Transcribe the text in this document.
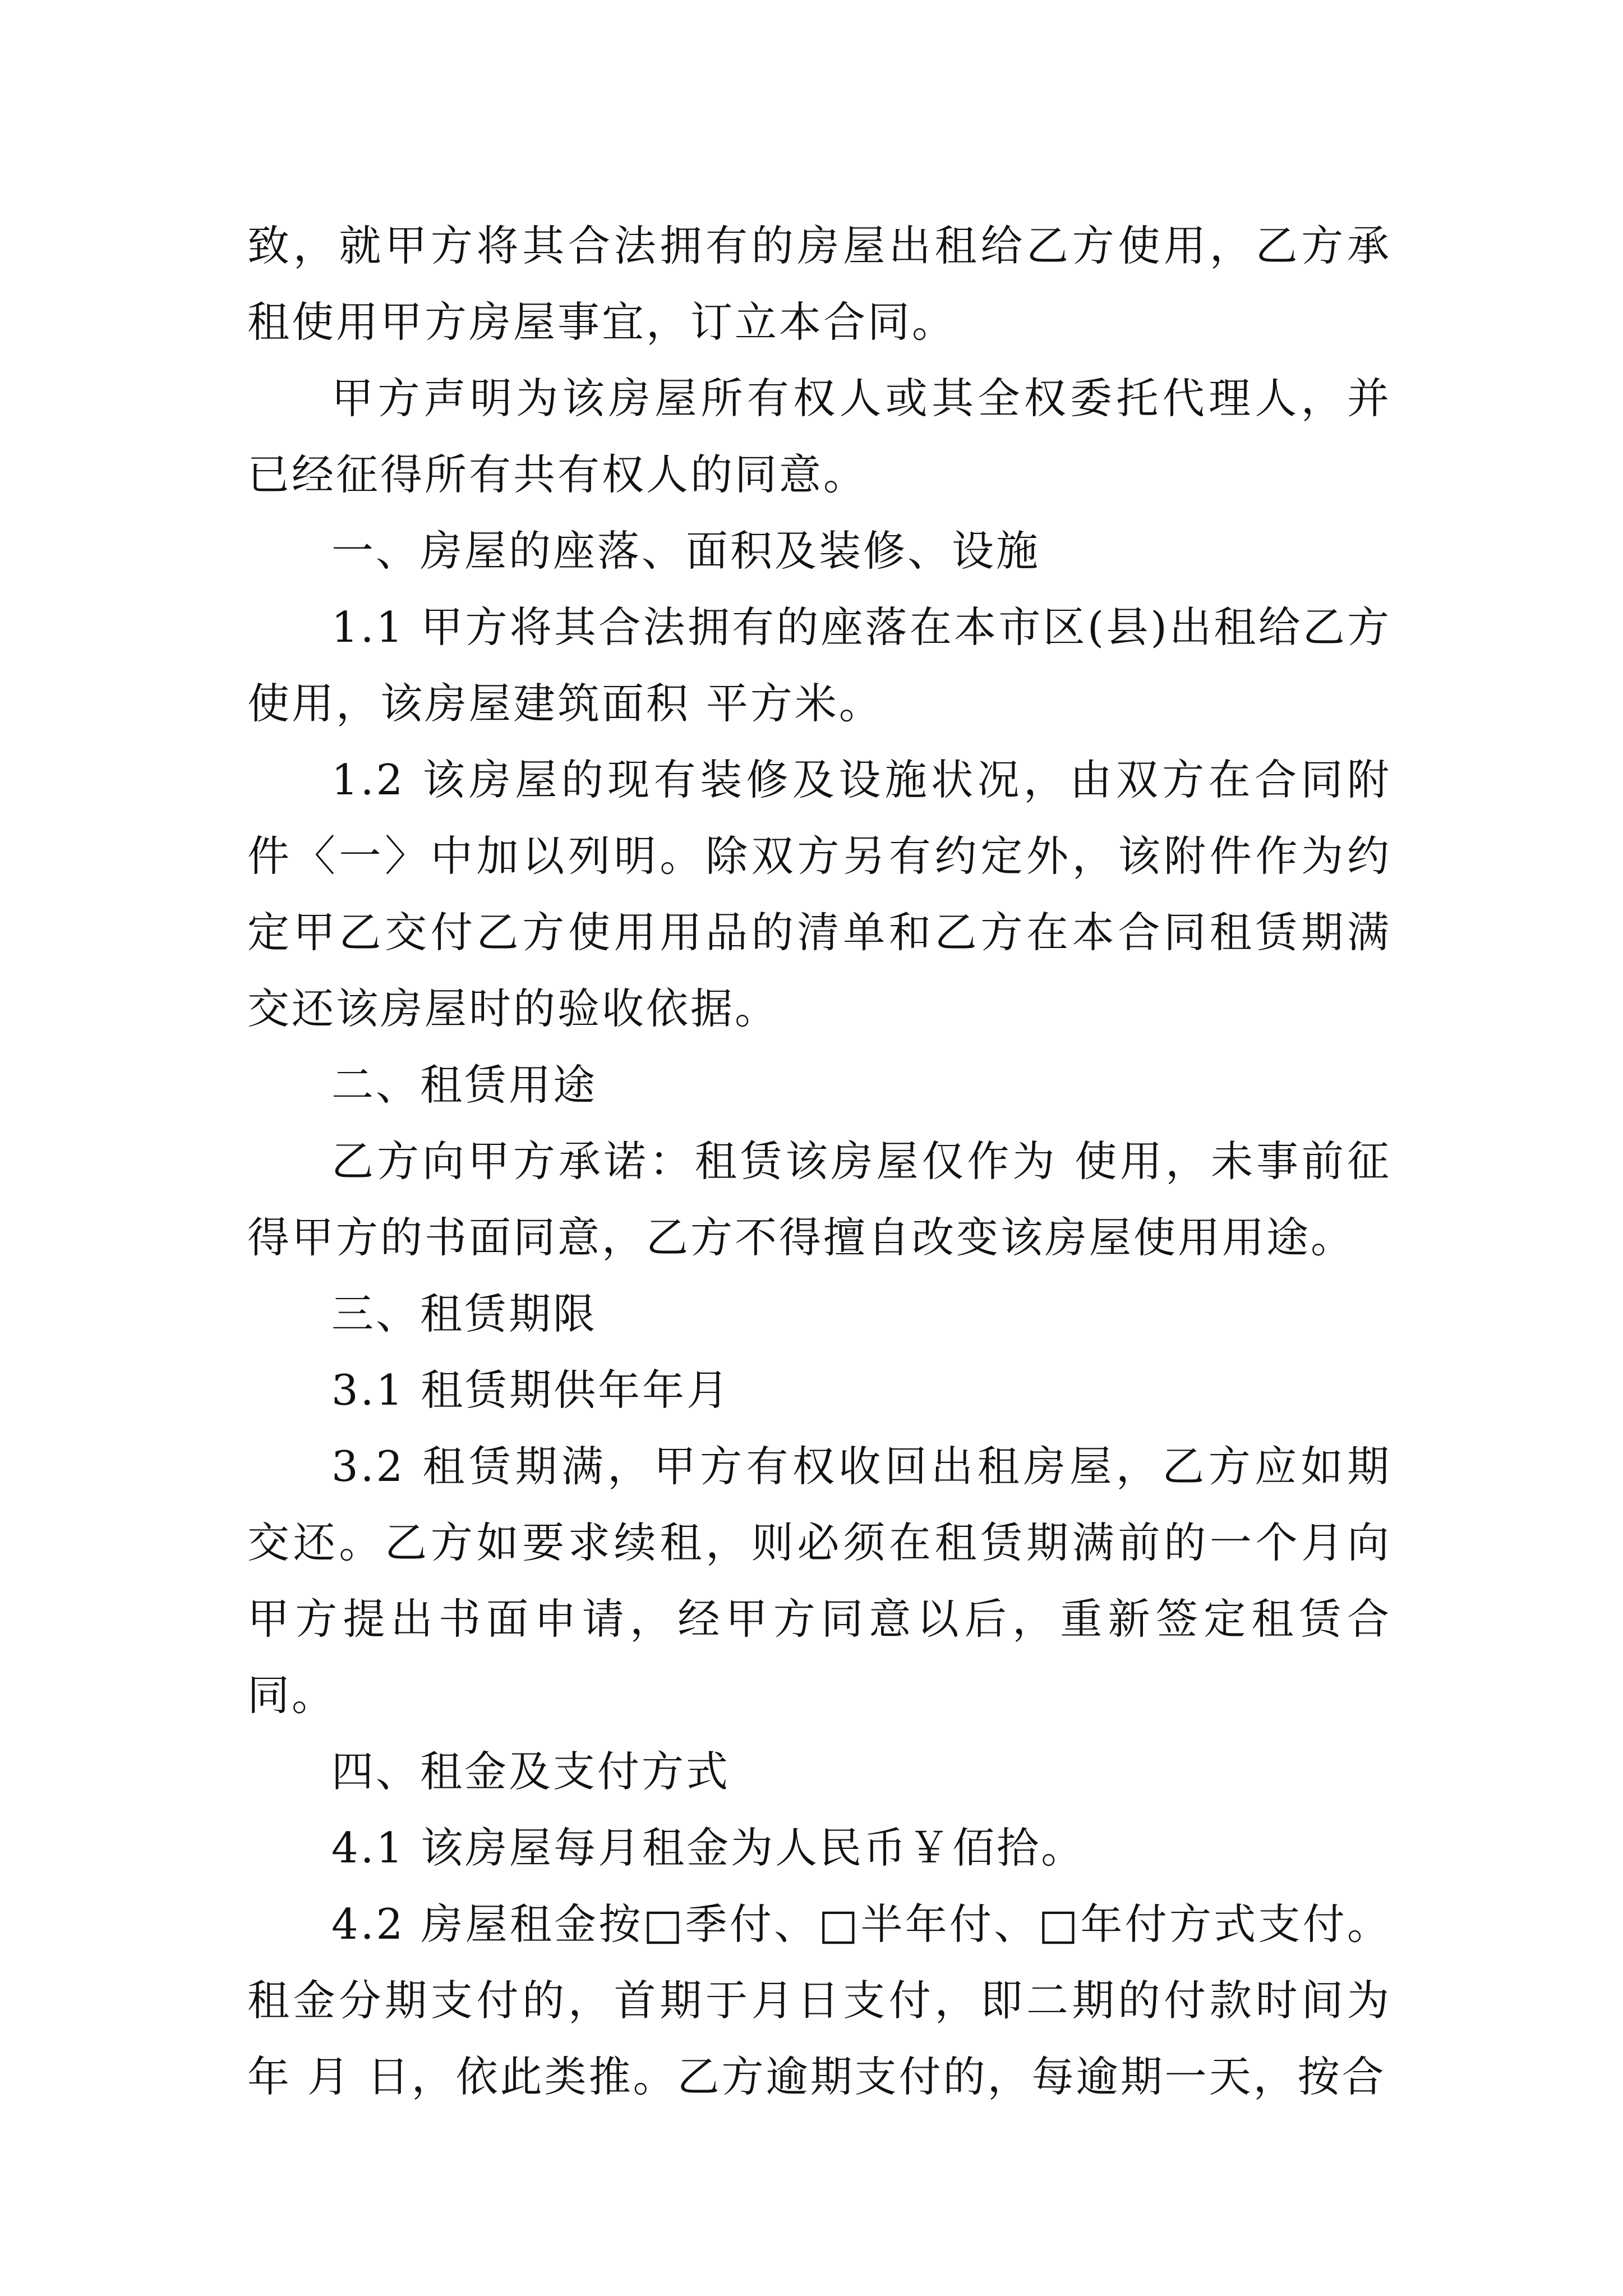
致，就甲方将其合法拥有的房屋出租给乙方使用，乙方承租使用甲方房屋事宜，订立本合同。

甲方声明为该房屋所有权人或其全权委托代理人，并已经征得所有共有权人的同意。

一、房屋的座落、面积及装修、设施

1.1 甲方将其合法拥有的座落在本市区(县)出租给乙方使用，该房屋建筑面积 平方米。

1.2 该房屋的现有装修及设施状况，由双方在合同附件〈一〉中加以列明。除双方另有约定外，该附件作为约定甲乙交付乙方使用用品的清单和乙方在本合同租赁期满交还该房屋时的验收依据。

二、租赁用途

乙方向甲方承诺：租赁该房屋仅作为 使用，未事前征得甲方的书面同意，乙方不得擅自改变该房屋使用用途。

三、租赁期限

3.1 租赁期供年年月

3.2 租赁期满，甲方有权收回出租房屋，乙方应如期交还。乙方如要求续租，则必须在租赁期满前的一个月向甲方提出书面申请，经甲方同意以后，重新签定租赁合同。

四、租金及支付方式

4.1 该房屋每月租金为人民币￥佰拾。

4.2 房屋租金按□季付、□半年付、□年付方式支付。租金分期支付的，首期于月日支付，即二期的付款时间为年 月 日，依此类推。乙方逾期支付的，每逾期一天，按合
